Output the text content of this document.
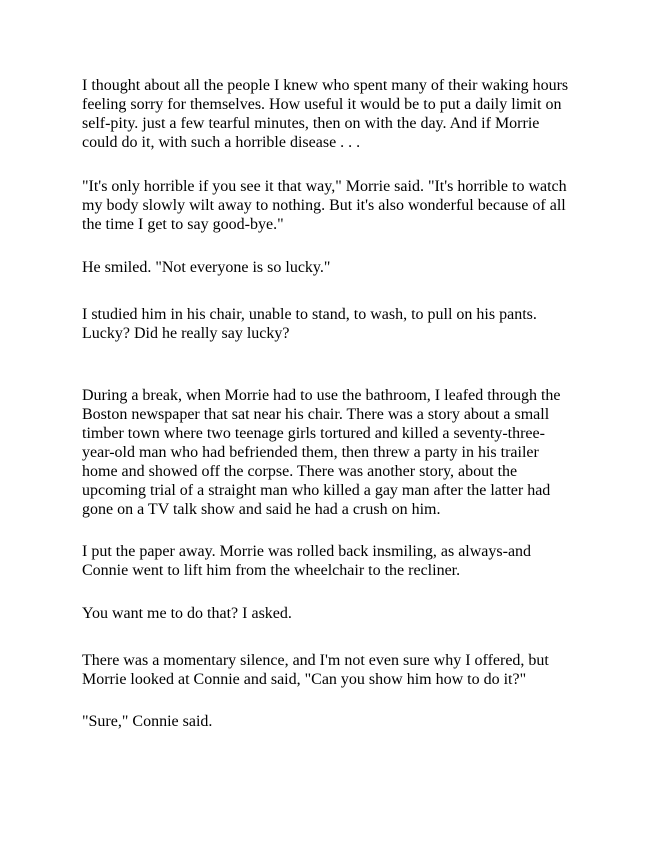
I thought about all the people I knew who spent many of their waking hours
feeling sorry for themselves. How useful it would be to put a daily limit on
self-pity. just a few tearful minutes, then on with the day. And if Morrie
could do it, with such a horrible disease . . .

"It's only horrible if you see it that way," Morrie said. "It's horrible to watch
my body slowly wilt away to nothing. But it's also wonderful because of all
the time I get to say good-bye."

He smiled. "Not everyone is so lucky."

I studied him in his chair, unable to stand, to wash, to pull on his pants.
Lucky? Did he really say lucky?

During a break, when Morrie had to use the bathroom, I leafed through the
Boston newspaper that sat near his chair. There was a story about a small
timber town where two teenage girls tortured and killed a seventy-three-
year-old man who had befriended them, then threw a party in his trailer
home and showed off the corpse. There was another story, about the
upcoming trial of a straight man who killed a gay man after the latter had
gone on a TV talk show and said he had a crush on him.

I put the paper away. Morrie was rolled back insmiling, as always-and
Connie went to lift him from the wheelchair to the recliner.

You want me to do that? I asked.

There was a momentary silence, and I'm not even sure why I offered, but
Morrie looked at Connie and said, "Can you show him how to do it?"

"Sure," Connie said.
